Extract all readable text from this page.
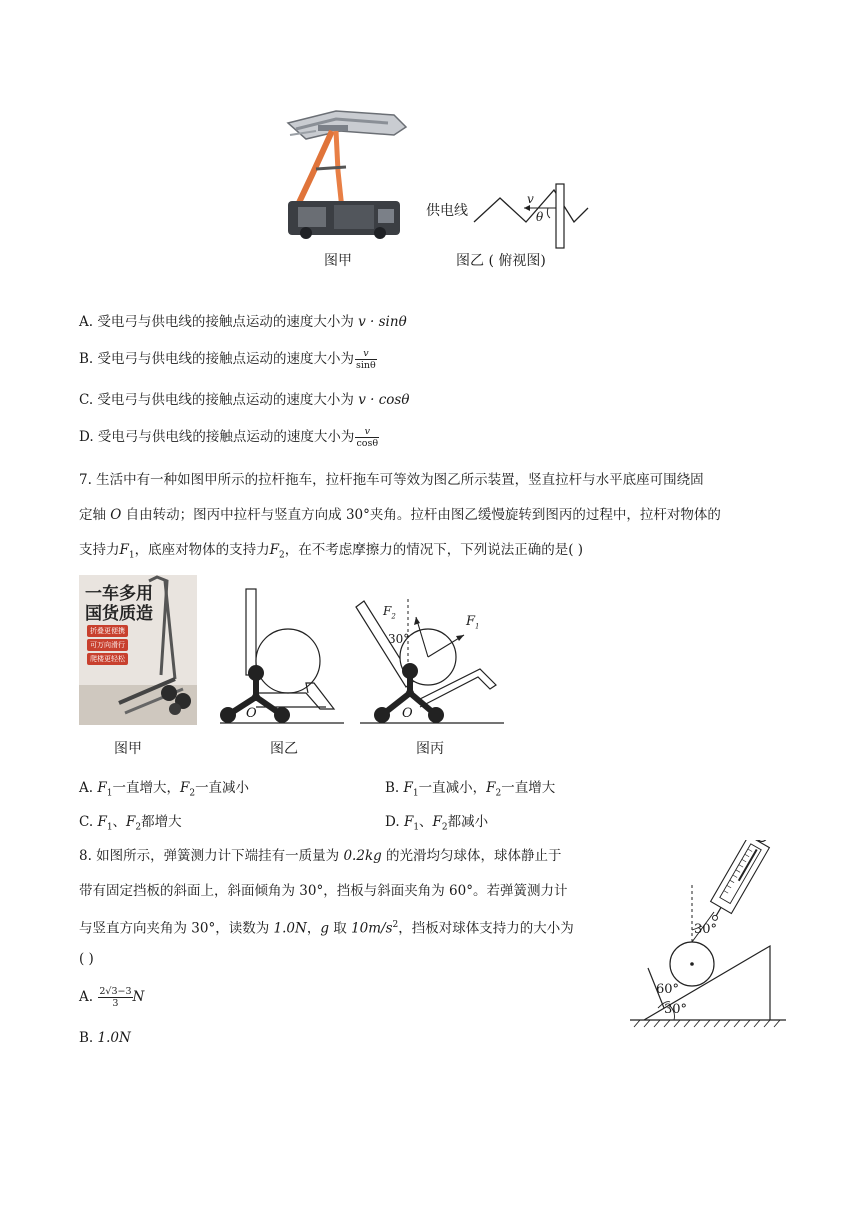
图甲
供电线
v
θ
图乙 ( 俯视图)
A. 受电弓与供电线的接触点运动的速度大小为 v · sinθ
B. 受电弓与供电线的接触点运动的速度大小为 $\frac{v}{\sin\theta}$
C. 受电弓与供电线的接触点运动的速度大小为 v · cosθ
D. 受电弓与供电线的接触点运动的速度大小为 $\frac{v}{\cos\theta}$
7. 生活中有一种如图甲所示的拉杆拖车，拉杆拖车可等效为图乙所示装置，竖直拉杆与水平底座可围绕固
定轴 O 自由转动；图丙中拉杆与竖直方向成 30°夹角。拉杆由图乙缓慢旋转到图丙的过程中，拉杆对物体的
支持力$F_1$，底座对物体的支持力$F_2$，在不考虑摩擦力的情况下，下列说法正确的是( )
一车多用
国货质造
折叠更便携
可万向滑行
爬楼更轻松
图甲
O
图乙
30°
$F_2$	$F_1$
O
图丙
A. $F_1$一直增大，$F_2$一直减小	B. $F_1$一直减小，$F_2$一直增大
C. $F_1$、$F_2$都增大	D. $F_1$、$F_2$都减小
8. 如图所示，弹簧测力计下端挂有一质量为 0.2kg 的光滑均匀球体，球体静止于
带有固定挡板的斜面上，斜面倾角为 30°，挡板与斜面夹角为 60°。若弹簧测力计
与竖直方向夹角为 30°，读数为 1.0N，g 取 $10m/s^2$，挡板对球体支持力的大小为
( )
A. $\frac{2√3-3}{3}$ N
B. 1.0N
30°
60°
30°
